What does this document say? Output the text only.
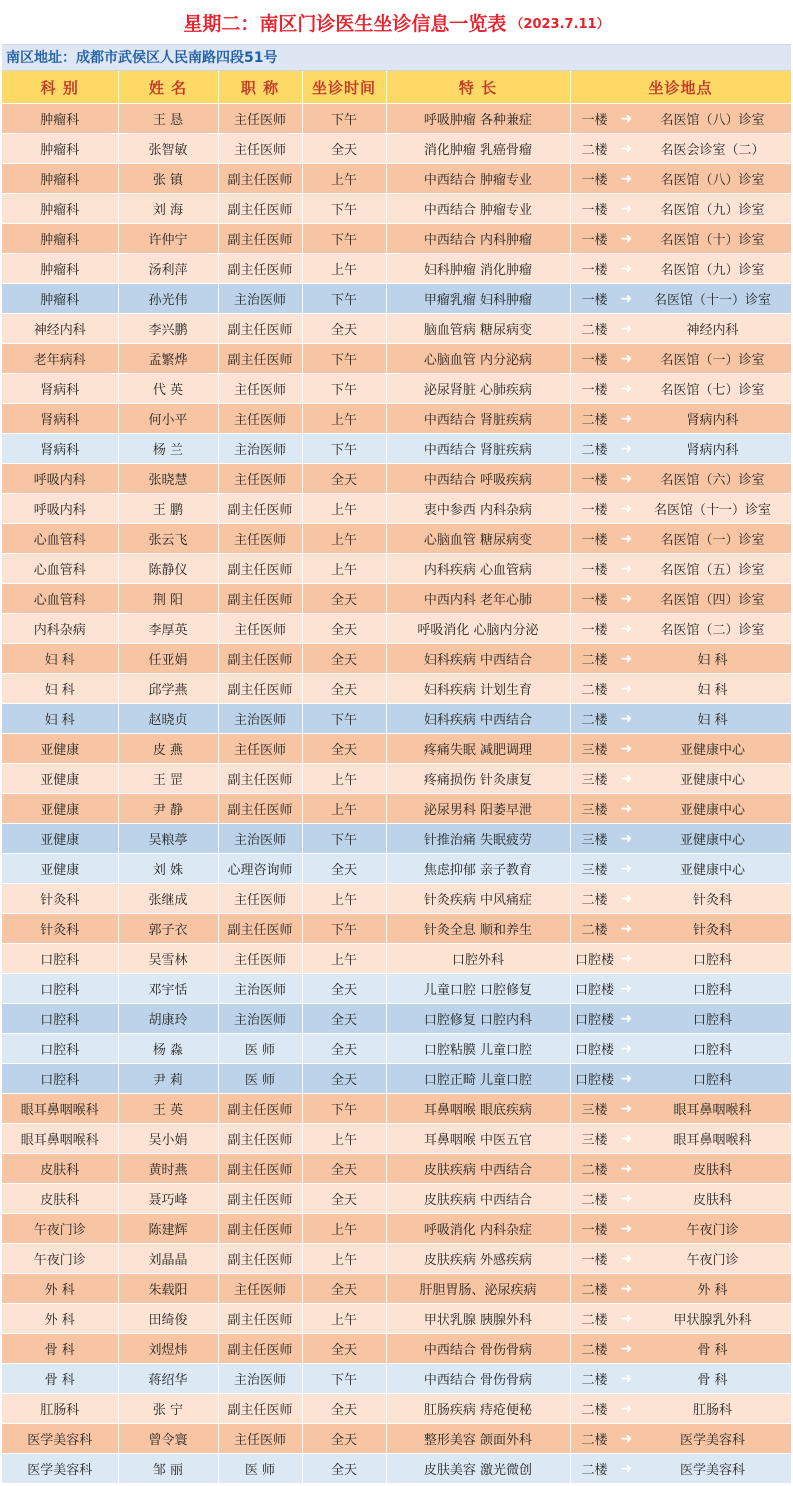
星期二：南区门诊医生坐诊信息一览表 （2023.7.11）
南区地址：成都市武侯区人民南路四段51号
科 别	姓 名	职 称	坐诊时间	特 长	坐诊地点
肿瘤科	王 恳	主任医师	下午	呼吸肿瘤 各种兼症	一楼 ➜ 名医馆（八）诊室

肿瘤科	张智敏	主任医师	全天	消化肿瘤 乳癌骨瘤	二楼 ➜ 名医会诊室（二）

肿瘤科	张 镇	副主任医师	上午	中西结合 肿瘤专业	一楼 ➜ 名医馆（八）诊室

肿瘤科	刘 海	副主任医师	下午	中西结合 肿瘤专业	一楼 ➜ 名医馆（九）诊室

肿瘤科	许仲宁	副主任医师	下午	中西结合 内科肿瘤	一楼 ➜ 名医馆（十）诊室

肿瘤科	汤利萍	副主任医师	上午	妇科肿瘤 消化肿瘤	一楼 ➜ 名医馆（九）诊室

肿瘤科	孙光伟	主治医师	下午	甲瘤乳瘤 妇科肿瘤	一楼 ➜ 名医馆（十一）诊室

神经内科	李兴鹏	副主任医师	全天	脑血管病 糖尿病变	二楼 ➜ 神经内科

老年病科	孟繁烨	副主任医师	下午	心脑血管 内分泌病	一楼 ➜ 名医馆（一）诊室

肾病科	代 英	主任医师	下午	泌尿肾脏 心肺疾病	一楼 ➜ 名医馆（七）诊室

肾病科	何小平	主任医师	上午	中西结合 肾脏疾病	二楼 ➜ 肾病内科

肾病科	杨 兰	主治医师	下午	中西结合 肾脏疾病	二楼 ➜ 肾病内科

呼吸内科	张晓慧	主任医师	全天	中西结合 呼吸疾病	一楼 ➜ 名医馆（六）诊室

呼吸内科	王 鹏	副主任医师	上午	衷中参西 内科杂病	一楼 ➜ 名医馆（十一）诊室

心血管科	张云飞	主任医师	上午	心脑血管 糖尿病变	一楼 ➜ 名医馆（一）诊室

心血管科	陈静仪	副主任医师	上午	内科疾病 心血管病	一楼 ➜ 名医馆（五）诊室

心血管科	荆 阳	副主任医师	全天	中西内科 老年心肺	一楼 ➜ 名医馆（四）诊室

内科杂病	李厚英	主任医师	全天	呼吸消化 心脑内分泌	一楼 ➜ 名医馆（二）诊室

妇 科	任亚娟	副主任医师	全天	妇科疾病 中西结合	二楼 ➜ 妇 科

妇 科	邱学燕	副主任医师	全天	妇科疾病 计划生育	二楼 ➜ 妇 科

妇 科	赵晓贞	主治医师	下午	妇科疾病 中西结合	二楼 ➜ 妇 科

亚健康	皮 燕	主任医师	全天	疼痛失眠 减肥调理	三楼 ➜ 亚健康中心

亚健康	王 罡	副主任医师	上午	疼痛损伤 针灸康复	三楼 ➜ 亚健康中心

亚健康	尹 静	副主任医师	上午	泌尿男科 阳萎早泄	三楼 ➜ 亚健康中心

亚健康	吴粮葶	主治医师	下午	针推治痛 失眠疲劳	三楼 ➜ 亚健康中心

亚健康	刘 姝	心理咨询师	全天	焦虑抑郁 亲子教育	三楼 ➜ 亚健康中心

针灸科	张继成	主任医师	上午	针灸疾病 中风痛症	二楼 ➜ 针灸科

针灸科	郭子衣	副主任医师	下午	针灸全息 顺和养生	二楼 ➜ 针灸科

口腔科	吴雪林	主任医师	上午	口腔外科	口腔楼 ➜ 口腔科

口腔科	邓宇恬	主治医师	全天	儿童口腔 口腔修复	口腔楼 ➜ 口腔科

口腔科	胡康玲	主治医师	全天	口腔修复 口腔内科	口腔楼 ➜ 口腔科

口腔科	杨 淼	医 师	全天	口腔粘膜 儿童口腔	口腔楼 ➜ 口腔科

口腔科	尹 莉	医 师	全天	口腔正畸 儿童口腔	口腔楼 ➜ 口腔科

眼耳鼻咽喉科	王 英	副主任医师	下午	耳鼻咽喉 眼底疾病	三楼 ➜ 眼耳鼻咽喉科

眼耳鼻咽喉科	吴小娟	副主任医师	上午	耳鼻咽喉 中医五官	三楼 ➜ 眼耳鼻咽喉科

皮肤科	黄时燕	副主任医师	全天	皮肤疾病 中西结合	二楼 ➜ 皮肤科

皮肤科	聂巧峰	副主任医师	全天	皮肤疾病 中西结合	二楼 ➜ 皮肤科

午夜门诊	陈建辉	副主任医师	上午	呼吸消化 内科杂症	一楼 ➜ 午夜门诊

午夜门诊	刘晶晶	副主任医师	上午	皮肤疾病 外感疾病	一楼 ➜ 午夜门诊

外 科	朱载阳	主任医师	全天	肝胆胃肠、泌尿疾病	二楼 ➜ 外 科

外 科	田绮俊	副主任医师	上午	甲状乳腺 胰腺外科	二楼 ➜ 甲状腺乳外科

骨 科	刘煜炜	副主任医师	全天	中西结合 骨伤骨病	二楼 ➜ 骨 科

骨 科	蒋绍华	主治医师	下午	中西结合 骨伤骨病	二楼 ➜ 骨 科

肛肠科	张 宁	副主任医师	全天	肛肠疾病 痔疮便秘	二楼 ➜ 肛肠科

医学美容科	曾令寰	主任医师	全天	整形美容 颌面外科	二楼 ➜ 医学美容科

医学美容科	邹 丽	医 师	全天	皮肤美容 激光微创	二楼 ➜ 医学美容科
